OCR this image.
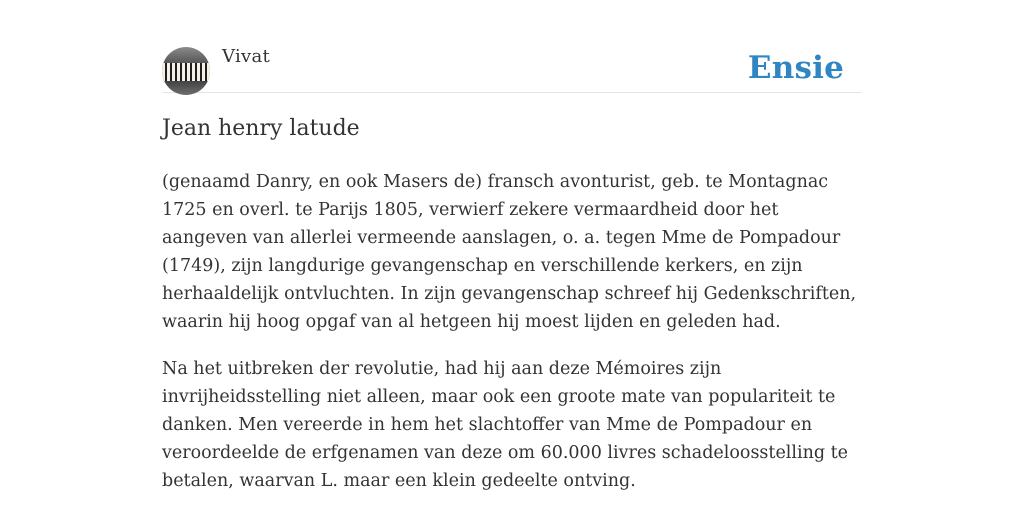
Vivat	Ensie
Jean henry latude

(genaamd Danry, en ook Masers de) fransch avonturist, geb. te Montagnac 1725 en overl. te Parijs 1805, verwierf zekere vermaardheid door het aangeven van allerlei vermeende aanslagen, o. a. tegen Mme de Pompadour (1749), zijn langdurige gevangenschap en verschillende kerkers, en zijn herhaaldelijk ontvluchten. In zijn gevangenschap schreef hij Gedenkschriften, waarin hij hoog opgaf van al hetgeen hij moest lijden en geleden had.

Na het uitbreken der revolutie, had hij aan deze Mémoires zijn invrijheidsstelling niet alleen, maar ook een groote mate van populariteit te danken. Men vereerde in hem het slachtoffer van Mme de Pompadour en veroordeelde de erfgenamen van deze om 60.000 livres schadeloosstelling te betalen, waarvan L. maar een klein gedeelte ontving.
